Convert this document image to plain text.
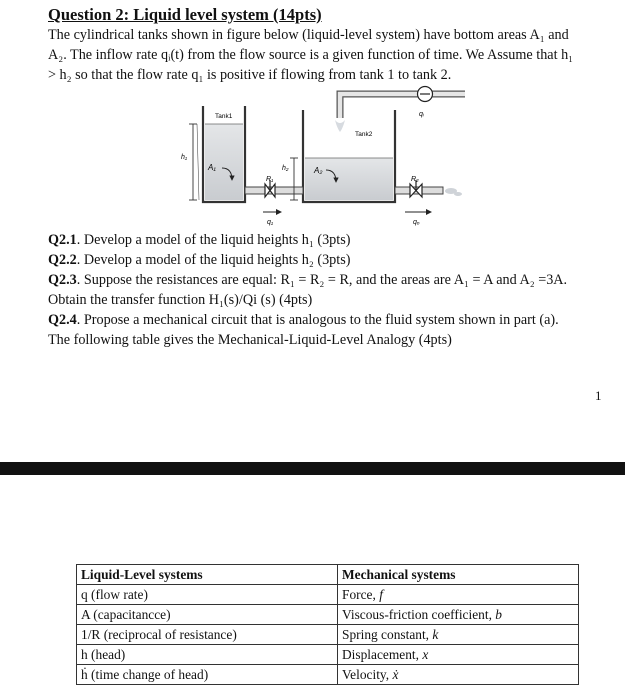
Question 2: Liquid level system (14pts)
The cylindrical tanks shown in figure below (liquid-level system) have bottom areas A₁ and
A₂. The inflow rate qᵢ(t) from the flow source is a given function of time. We Assume that h₁
> h₂ so that the flow rate q₁ is positive if flowing from tank 1 to tank 2.
Tank1
Tank2
h₁
h₂
A₁	A₂
R₁	R₂
q₁	qₒ
qᵢ

Q2.1. Develop a model of the liquid heights h₁ (3pts)

Q2.2. Develop a model of the liquid heights h₂ (3pts)

Q2.3. Suppose the resistances are equal: R₁ = R₂ = R, and the areas are A₁ = A and A₂ =3A.

Obtain the transfer function H₁(s)/Qi (s) (4pts)

Q2.4. Propose a mechanical circuit that is analogous to the fluid system shown in part (a).

The following table gives the Mechanical-Liquid-Level Analogy (4pts)

1
Liquid-Level systems	Mechanical systems
q (flow rate)	Force, f
A (capacitancce)	Viscous-friction coefficient, b
1/R (reciprocal of resistance)	Spring constant, k
h (head)	Displacement, x
ḣ (time change of head)	Velocity, ẋ
